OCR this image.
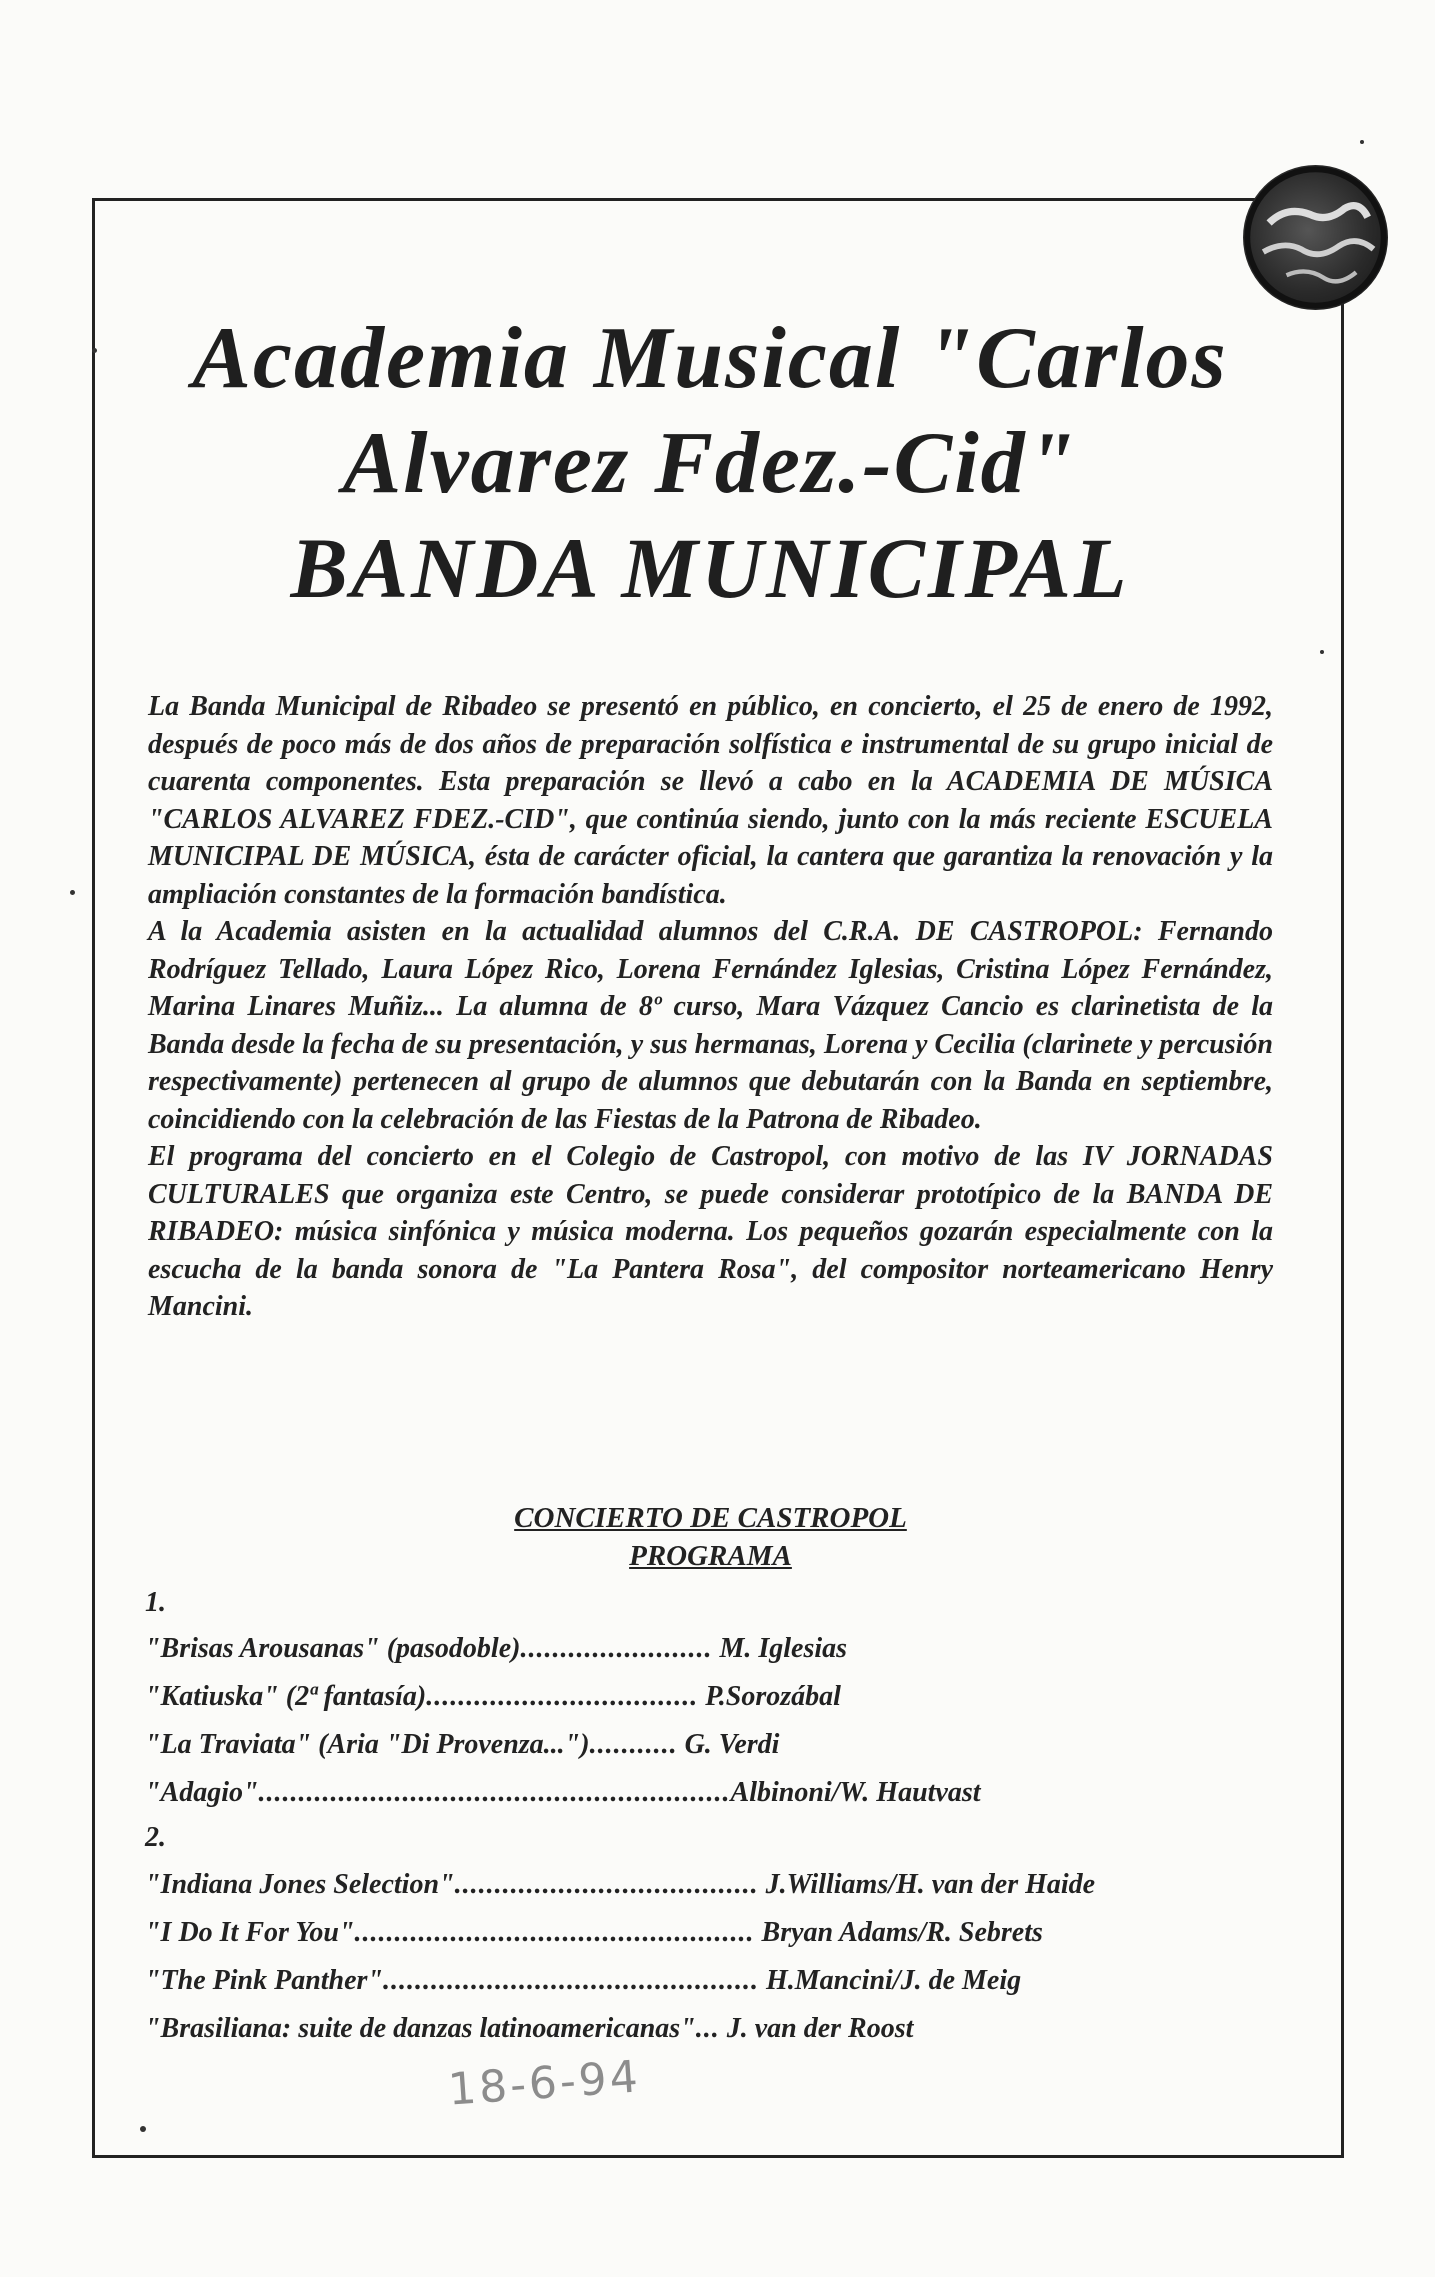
Academia Musical "Carlos
Alvarez Fdez.-Cid"
BANDA MUNICIPAL

La Banda Municipal de Ribadeo se presentó en público, en concierto, el 25 de enero de 1992, después de poco más de dos años de preparación solfística e instrumental de su grupo inicial de cuarenta componentes. Esta preparación se llevó a cabo en la ACADEMIA DE MÚSICA "CARLOS ALVAREZ FDEZ.-CID", que continúa siendo, junto con la más reciente ESCUELA MUNICIPAL DE MÚSICA, ésta de carácter oficial, la cantera que garantiza la renovación y la ampliación constantes de la formación bandística.

A la Academia asisten en la actualidad alumnos del C.R.A. DE CASTROPOL: Fernando Rodríguez Tellado, Laura López Rico, Lorena Fernández Iglesias, Cristina López Fernández, Marina Linares Muñiz... La alumna de 8º curso, Mara Vázquez Cancio es clarinetista de la Banda desde la fecha de su presentación, y sus hermanas, Lorena y Cecilia (clarinete y percusión respectivamente) pertenecen al grupo de alumnos que debutarán con la Banda en septiembre, coincidiendo con la celebración de las Fiestas de la Patrona de Ribadeo.

El programa del concierto en el Colegio de Castropol, con motivo de las IV JORNADAS CULTURALES que organiza este Centro, se puede considerar prototípico de la BANDA DE RIBADEO: música sinfónica y música moderna. Los pequeños gozarán especialmente con la escucha de la banda sonora de "La Pantera Rosa", del compositor norteamericano Henry Mancini.

CONCIERTO DE CASTROPOL
PROGRAMA
1.
"Brisas Arousanas" (pasodoble)........................ M. Iglesias
"Katiuska" (2ª fantasía).................................. P.Sorozábal
"La Traviata" (Aria "Di Provenza...")........... G. Verdi
"Adagio"...........................................................Albinoni/W. Hautvast
2.
"Indiana Jones Selection"...................................... J.Williams/H. van der Haide
"I Do It For You".................................................. Bryan Adams/R. Sebrets
"The Pink Panther"............................................... H.Mancini/J. de Meig
"Brasiliana: suite de danzas latinoamericanas"... J. van der Roost
18-6-94
